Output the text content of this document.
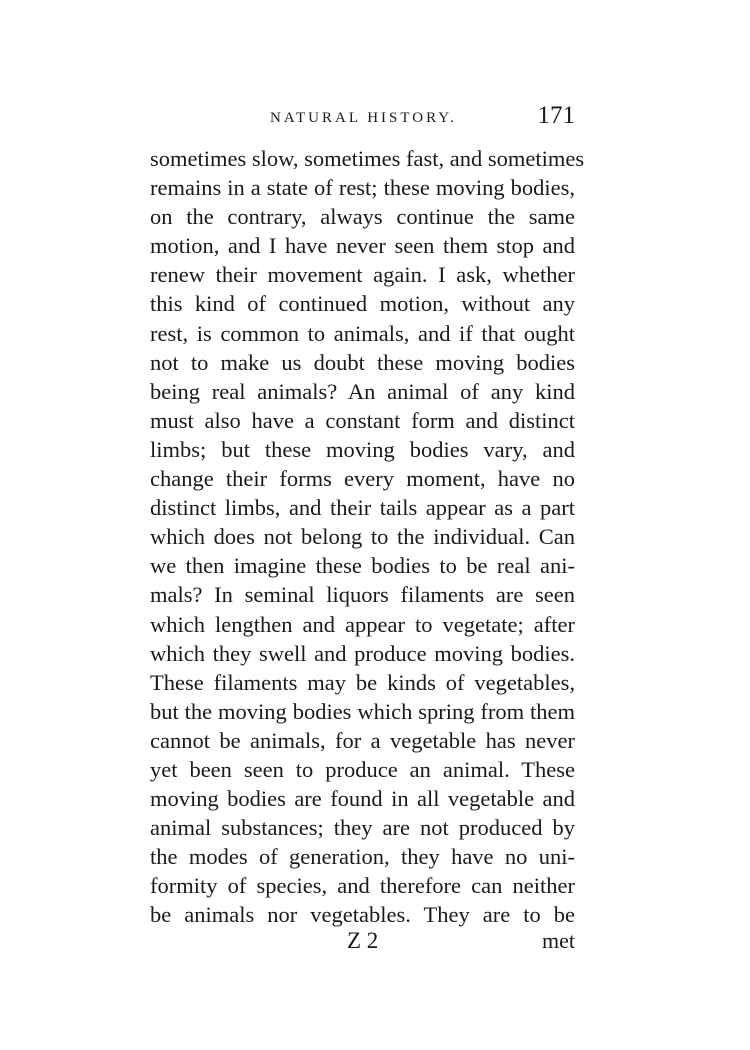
NATURAL HISTORY.	171
sometimes slow, sometimes fast, and sometimes
remains in a state of rest; these moving bodies,
on the contrary, always continue the same
motion, and I have never seen them stop and
renew their movement again. I ask, whether
this kind of continued motion, without any
rest, is common to animals, and if that ought
not to make us doubt these moving bodies
being real animals? An animal of any kind
must also have a constant form and distinct
limbs; but these moving bodies vary, and
change their forms every moment, have no
distinct limbs, and their tails appear as a part
which does not belong to the individual. Can
we then imagine these bodies to be real ani-
mals? In seminal liquors filaments are seen
which lengthen and appear to vegetate; after
which they swell and produce moving bodies.
These filaments may be kinds of vegetables,
but the moving bodies which spring from them
cannot be animals, for a vegetable has never
yet been seen to produce an animal. These
moving bodies are found in all vegetable and
animal substances; they are not produced by
the modes of generation, they have no uni-
formity of species, and therefore can neither
be animals nor vegetables. They are to be
Z 2	met
